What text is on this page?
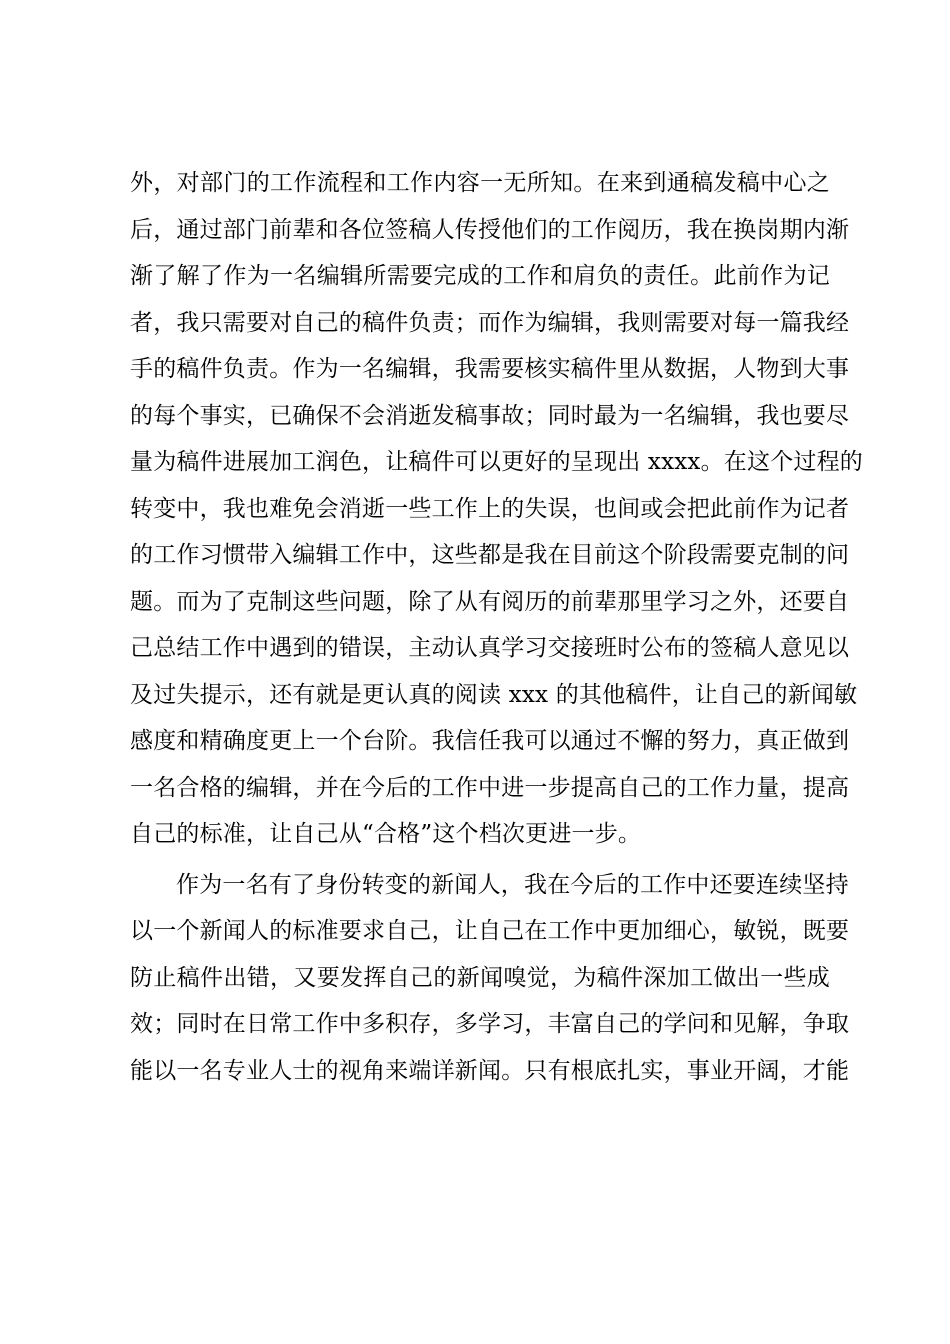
外，对部门的工作流程和工作内容一无所知。在来到通稿发稿中心之
后，通过部门前辈和各位签稿人传授他们的工作阅历，我在换岗期内渐
渐了解了作为一名编辑所需要完成的工作和肩负的责任。此前作为记
者，我只需要对自己的稿件负责；而作为编辑，我则需要对每一篇我经
手的稿件负责。作为一名编辑，我需要核实稿件里从数据，人物到大事
的每个事实，已确保不会消逝发稿事故；同时最为一名编辑，我也要尽
量为稿件进展加工润色，让稿件可以更好的呈现出 xxxx。在这个过程的
转变中，我也难免会消逝一些工作上的失误，也间或会把此前作为记者
的工作习惯带入编辑工作中，这些都是我在目前这个阶段需要克制的问
题。而为了克制这些问题，除了从有阅历的前辈那里学习之外，还要自
己总结工作中遇到的错误，主动认真学习交接班时公布的签稿人意见以
及过失提示，还有就是更认真的阅读 xxx 的其他稿件，让自己的新闻敏
感度和精确度更上一个台阶。我信任我可以通过不懈的努力，真正做到
一名合格的编辑，并在今后的工作中进一步提高自己的工作力量，提高
自己的标准，让自己从“合格”这个档次更进一步。
作为一名有了身份转变的新闻人，我在今后的工作中还要连续坚持
以一个新闻人的标准要求自己，让自己在工作中更加细心，敏锐，既要
防止稿件出错，又要发挥自己的新闻嗅觉，为稿件深加工做出一些成
效；同时在日常工作中多积存，多学习，丰富自己的学问和见解，争取
能以一名专业人士的视角来端详新闻。只有根底扎实，事业开阔，才能
